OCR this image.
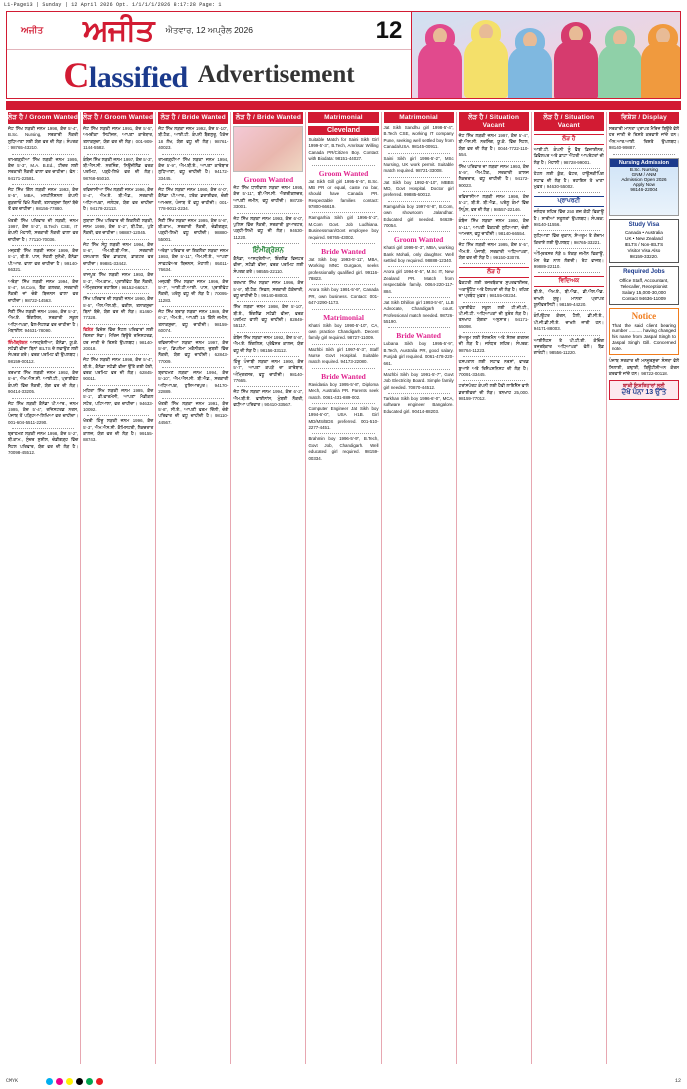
L1-Page13 | Sunday | 12 April 2026 Opt. 1/1/1/1/2026 8:17:28 Page: 1
ਅਜੀਤ	ਅਜੀਤ	ਐਤਵਾਰ, 12 ਅਪ੍ਰੈਲ 2026	12
Classified Advertisement
ਲੋੜ ਹੈ / Groom Wanted
ਜੱਟ ਸਿੱਖ ਲੜਕੀ ਜਨਮ 1998, ਕੱਦ 5'-4", B.Sc. Nursing, ਸਰਕਾਰੀ ਨੌਕਰੀ ਲੁਧਿਆਣਾ ਲਈ ਯੋਗ ਵਰ ਦੀ ਲੋੜ। ਸੰਪਰਕ : 98765-43210.
ਰਾਮਗੜ੍ਹੀਆ ਸਿੱਖ ਲੜਕੀ ਜਨਮ 1995, ਕੱਦ 5'-3", M.A. B.Ed., ਟੀਚਰ ਲਈ ਸਰਕਾਰੀ ਨੌਕਰੀ ਵਾਲਾ ਵਰ ਚਾਹੀਦਾ। ਫੋਨ : 94171-22581.
ਜੱਟ ਸਿੱਖ ਗਿੱਲ ਲੜਕੀ ਜਨਮ 1993, ਕੱਦ 5'-5", MBA, ਮਲਟੀਨੈਸ਼ਨਲ ਕੰਪਨੀ ਗੁੜਗਾਓਂ ਵਿਖੇ ਨੌਕਰੀ, ਤਲਾਕਸ਼ੁਦਾ ਬਿਨਾਂ ਬੱਚੇ ਤੋਂ ਵਰ ਚਾਹੀਦਾ। 98156-77880.
ਖੱਤਰੀ ਸਿੱਖ ਪਰਿਵਾਰ ਦੀ ਲੜਕੀ, ਜਨਮ 1997, ਕੱਦ 5'-2", B.Tech CSE, IT ਕੰਪਨੀ ਮੋਹਾਲੀ, ਸਰਕਾਰੀ ਨੌਕਰੀ ਵਾਲਾ ਵਰ ਚਾਹੀਦਾ ਹੈ। 77110-70036.
ਮਜ਼੍ਹਬੀ ਸਿੱਖ ਲੜਕੀ ਜਨਮ 1999, ਕੱਦ 5'-1", ਬੀ.ਏ. ਪਾਸ, ਸੋਹਣੀ ਸੁਨੱਖੀ, ਕੈਨੇਡਾ ਪੀ.ਆਰ. ਵਾਲਾ ਵਰ ਚਾਹੀਦਾ ਹੈ। 99140-66321.
ਅਰੋੜਾ ਸਿੱਖ ਲੜਕੀ ਜਨਮ 1994, ਕੱਦ 5'-4", M.Com, ਬੈਂਕ ਕਲਰਕ, ਸਰਕਾਰੀ ਨੌਕਰੀ ਜਾਂ ਚੰਗੇ ਬਿਜ਼ਨਸ ਵਾਲਾ ਵਰ ਚਾਹੀਦਾ। 98722-14563.
ਸੈਣੀ ਸਿੱਖ ਲੜਕੀ ਜਨਮ 1996, ਕੱਦ 5'-3", ਐਮ.ਏ. ਇੰਗਲਿਸ਼, ਸਰਕਾਰੀ ਸਕੂਲ ਅਧਿਆਪਕਾ, ਵੈਲ-ਸੈਟਲਡ ਵਰ ਚਾਹੀਦਾ ਹੈ। ਮੋਬਾਈਲ: 94631-78090.
ਇੰਮੀਗ੍ਰੇਸ਼ਨ ਆਸਟ੍ਰੇਲੀਆ, ਕੈਨੇਡਾ, ਯੂ.ਕੇ. ਸਟੱਡੀ ਵੀਜ਼ਾ ਬਿਨਾਂ IELTS ਦੇ ਲਵਾਉਣ ਲਈ ਸੰਪਰਕ ਕਰੋ। ਵਰਕ ਪਰਮਿਟ ਵੀ ਉਪਲਬਧ। 98159-00112.
ਤਰਖਾਣ ਸਿੱਖ ਲੜਕੀ ਜਨਮ 1992, ਕੱਦ 5'-6", ਐਮ.ਐਸ.ਸੀ. ਆਈ.ਟੀ., ਪ੍ਰਾਈਵੇਟ ਕੰਪਨੀ ਵਿੱਚ ਨੌਕਰੀ, ਯੋਗ ਵਰ ਦੀ ਲੋੜ। 90414-33205.
ਜੱਟ ਸਿੱਖ ਲੜਕੀ ਕੈਨੇਡਾ ਪੀ.ਆਰ., ਜਨਮ 1995, ਕੱਦ 5'-4", ਰਜਿਸਟਰਡ ਨਰਸ, ਪੰਜਾਬ ਤੋਂ ਪੜ੍ਹਿਆ-ਲਿਖਿਆ ਵਰ ਚਾਹੀਦਾ। 001-604-5511-2290.
ਬ੍ਰਾਹਮਣ ਲੜਕੀ ਜਨਮ 1998, ਕੱਦ 5'-2", ਬੀ.ਕਾਮ., ਸੁੰਦਰ ਸੁਸ਼ੀਲ, ਚੰਡੀਗੜ੍ਹ ਵਿੱਚ ਸੈਟਲ ਪਰਿਵਾਰ, ਯੋਗ ਵਰ ਦੀ ਲੋੜ ਹੈ। 70098-45512.
ਲੋੜ ਹੈ / Groom Wanted
ਜੱਟ ਸਿੱਖ ਲੜਕੀ ਜਨਮ 1991, ਕੱਦ 5'-5", ਅਮਰੀਕਾ ਸਿਟੀਜ਼ਨ, ਆਪਣਾ ਕਾਰੋਬਾਰ, ਤਲਾਕਸ਼ੁਦਾ, ਯੋਗ ਵਰ ਦੀ ਲੋੜ। 001-909-1144-5582.
ਕੰਬੋਜ ਸਿੱਖ ਲੜਕੀ ਜਨਮ 1997, ਕੱਦ 5'-3", ਬੀ.ਐਸ.ਸੀ. ਨਰਸਿੰਗ, ਨਿਊਜ਼ੀਲੈਂਡ ਵਰਕ ਪਰਮਿਟ, ਪੜ੍ਹੇ-ਲਿਖੇ ਵਰ ਦੀ ਲੋੜ। 98768-55010.
ਰਵਿਦਾਸੀਆ ਸਿੱਖ ਲੜਕੀ ਜਨਮ 1996, ਕੱਦ 5'-4", ਐਮ.ਏ. ਬੀ.ਐਡ., ਸਰਕਾਰੀ ਅਧਿਆਪਕਾ, ਜਲੰਧਰ, ਯੋਗ ਵਰ ਚਾਹੀਦਾ ਹੈ। 94178-22113.
ਲੁਬਾਣਾ ਸਿੱਖ ਪਰਿਵਾਰ ਦੀ ਇਕਲੌਤੀ ਲੜਕੀ, ਜਨਮ 1999, ਕੱਦ 5'-2", ਬੀ.ਟੈਕ., ਪੁਣੇ ਨੌਕਰੀ, ਵਰ ਚਾਹੀਦਾ। 98887-12045.
ਜੱਟ ਸਿੱਖ ਸੰਧੂ ਲੜਕੀ ਜਨਮ 1994, ਕੱਦ 5'-6", ਐਮ.ਬੀ.ਬੀ.ਐਸ., ਸਰਕਾਰੀ ਹਸਪਤਾਲ ਵਿੱਚ ਡਾਕਟਰ, ਡਾਕਟਰ ਵਰ ਚਾਹੀਦਾ। 99881-33442.
ਰਾਜਪੂਤ ਸਿੱਖ ਲੜਕੀ ਜਨਮ 1993, ਕੱਦ 5'-3", ਐਮ.ਕਾਮ., ਪ੍ਰਾਈਵੇਟ ਬੈਂਕ ਨੌਕਰੀ, ਅੰਮ੍ਰਿਤਸਰ ਰਹਾਇਸ਼। 98152-66017.
ਸਿੱਖ ਪਰਿਵਾਰ ਦੀ ਲੜਕੀ ਜਨਮ 1990, ਕੱਦ 5'-5", ਐਲ.ਐਲ.ਬੀ., ਵਕੀਲ, ਤਲਾਕਸ਼ੁਦਾ ਬਿਨਾਂ ਬੱਚੇ, ਯੋਗ ਵਰ ਦੀ ਲੋੜ। 81460-77328.
ਵਿਸ਼ੇਸ਼ ਵਿਦੇਸ਼ ਵਿੱਚ ਸੈਟਲ ਪਰਿਵਾਰਾਂ ਲਈ ਰਿਸ਼ਤਾ ਸੇਵਾ। ਮੈਰਿਜ ਬਿਊਰੋ ਰਜਿਸਟਰਡ, ਹਰ ਜਾਤੀ ਦੇ ਰਿਸ਼ਤੇ ਉਪਲਬਧ। 98140-20018.
ਜੱਟ ਸਿੱਖ ਲੜਕੀ ਜਨਮ 1998, ਕੱਦ 5'-4", ਬੀ.ਏ., ਕੈਨੇਡਾ ਸਟੱਡੀ ਵੀਜ਼ਾ ਉੱਤੇ ਗਈ ਹੋਈ, ਵਰਕ ਪਰਮਿਟ ਵਰ ਦੀ ਲੋੜ। 62845-90011.
ਮਹਿਰਾ ਸਿੱਖ ਲੜਕੀ ਜਨਮ 1995, ਕੱਦ 5'-1", ਡੀ.ਫਾਰਮੇਸੀ, ਆਪਣਾ ਮੈਡੀਕਲ ਸਟੋਰ, ਪਟਿਆਲਾ, ਵਰ ਚਾਹੀਦਾ। 94633-10092.
ਖੱਤਰੀ ਹਿੰਦੂ ਲੜਕੀ ਜਨਮ 1996, ਕੱਦ 5'-3", ਐਮ.ਐਸ.ਸੀ. ਕੈਮਿਸਟਰੀ, ਲੈਕਚਰਾਰ ਕਾਲਜ, ਯੋਗ ਵਰ ਦੀ ਲੋੜ ਹੈ। 99155-88743.
ਲੋੜ ਹੈ / Bride Wanted
ਜੱਟ ਸਿੱਖ ਲੜਕਾ ਜਨਮ 1992, ਕੱਦ 5'-10", ਬੀ.ਟੈਕ., ਆਈ.ਟੀ. ਕੰਪਨੀ ਬੈਂਗਲੁਰੂ, ਪੈਕੇਜ 18 ਲੱਖ, ਯੋਗ ਵਧੂ ਦੀ ਲੋੜ। 98761-40023.
ਰਾਮਗੜ੍ਹੀਆ ਸਿੱਖ ਲੜਕਾ ਜਨਮ 1994, ਕੱਦ 5'-9", ਐਮ.ਬੀ.ਏ., ਆਪਣਾ ਕਾਰੋਬਾਰ ਲੁਧਿਆਣਾ, ਵਧੂ ਚਾਹੀਦੀ ਹੈ। 94172-33445.
ਜੱਟ ਸਿੱਖ ਲੜਕਾ ਜਨਮ 1990, ਕੱਦ 6'-0", ਕੈਨੇਡਾ ਪੀ.ਆਰ., ਟਰੱਕ ਡਰਾਈਵਰ, ਚੰਗੀ ਆਮਦਨ, ਪੰਜਾਬ ਤੋਂ ਵਧੂ ਚਾਹੀਦੀ। 001-778-9011-2234.
ਸੈਣੀ ਸਿੱਖ ਲੜਕਾ ਜਨਮ 1995, ਕੱਦ 5'-8", ਬੀ.ਕਾਮ., ਸਰਕਾਰੀ ਨੌਕਰੀ, ਚੰਡੀਗੜ੍ਹ, ਪੜ੍ਹੀ-ਲਿਖੀ ਵਧੂ ਚਾਹੀਦੀ। 98880-55001.
ਅਰੋੜਾ ਪਰਿਵਾਰ ਦਾ ਇਕਲੌਤਾ ਲੜਕਾ ਜਨਮ 1993, ਕੱਦ 5'-11", ਐਮ.ਸੀ.ਏ., ਆਪਣਾ ਸਾਫਟਵੇਅਰ ਬਿਜ਼ਨਸ, ਮੋਹਾਲੀ। 95011-76634.
ਮਜ਼੍ਹਬੀ ਸਿੱਖ ਲੜਕਾ ਜਨਮ 1996, ਕੱਦ 5'-7", ਆਈ.ਟੀ.ਆਈ. ਪਾਸ, ਪ੍ਰਾਈਵੇਟ ਨੌਕਰੀ, ਘਰੇਲੂ ਵਧੂ ਦੀ ਲੋੜ ਹੈ। 70095-11283.
ਜੱਟ ਸਿੱਖ ਬਰਾੜ ਲੜਕਾ ਜਨਮ 1989, ਕੱਦ 6'-1", ਐਮ.ਏ., ਆਪਣੀ 15 ਕਿੱਲੇ ਜ਼ਮੀਨ, ਤਲਾਕਸ਼ੁਦਾ, ਵਧੂ ਚਾਹੀਦੀ। 98159-60074.
ਰਵਿਦਾਸੀਆ ਲੜਕਾ ਜਨਮ 1997, ਕੱਦ 5'-9", ਡਿਪਲੋਮਾ ਮਕੈਨੀਕਲ, ਦੁਬਈ ਵਿੱਚ ਨੌਕਰੀ, ਯੋਗ ਵਧੂ ਚਾਹੀਦੀ। 62843-77009.
ਬ੍ਰਾਹਮਣ ਲੜਕਾ ਜਨਮ 1994, ਕੱਦ 5'-10", ਐਮ.ਐਸ.ਸੀ. ਬੀ.ਐਡ., ਸਰਕਾਰੀ ਅਧਿਆਪਕ, ਹੁਸ਼ਿਆਰਪੁਰ। 94170-22889.
ਖੱਤਰੀ ਸਿੱਖ ਲੜਕਾ ਜਨਮ 1991, ਕੱਦ 5'-8", ਸੀ.ਏ., ਆਪਣੀ ਫਰਮ ਦਿੱਲੀ, ਚੰਗੇ ਪਰਿਵਾਰ ਦੀ ਵਧੂ ਚਾਹੀਦੀ ਹੈ। 98110-44567.
ਲੋੜ ਹੈ / Bride Wanted
Groom Wanted
ਜੱਟ ਸਿੱਖ ਧਾਲੀਵਾਲ ਲੜਕਾ ਜਨਮ 1995, ਕੱਦ 5'-11", ਬੀ.ਐਸ.ਸੀ. ਐਗਰੀਕਲਚਰ, ਆਪਣੀ ਜ਼ਮੀਨ, ਵਧੂ ਚਾਹੀਦੀ। 98728-33001.
ਜੱਟ ਸਿੱਖ ਲੜਕਾ ਜਨਮ 1993, ਕੱਦ 6'-0", ਪੁਲਿਸ ਵਿੱਚ ਨੌਕਰੀ, ਸਰਕਾਰੀ ਕੁਆਰਟਰ, ਪੜ੍ਹੀ-ਲਿਖੀ ਵਧੂ ਦੀ ਲੋੜ। 94630-11220.
ਇੰਮੀਗ੍ਰੇਸ਼ਨ
ਕੈਨੇਡਾ, ਆਸਟ੍ਰੇਲੀਆ, ਇੰਗਲੈਂਡ ਵਿਜ਼ਟਰ ਵੀਜ਼ਾ, ਸਟੱਡੀ ਵੀਜ਼ਾ, ਵਰਕ ਪਰਮਿਟ ਲਈ ਸੰਪਰਕ ਕਰੋ। 98555-22110.
ਤਰਖਾਣ ਸਿੱਖ ਲੜਕਾ ਜਨਮ 1996, ਕੱਦ 5'-9", ਬੀ.ਟੈਕ. ਸਿਵਲ, ਸਰਕਾਰੀ ਠੇਕੇਦਾਰੀ, ਵਧੂ ਚਾਹੀਦੀ ਹੈ। 99140-88003.
ਸਿੱਖ ਲੜਕਾ ਜਨਮ 1998, ਕੱਦ 5'-10", ਬੀ.ਏ., ਇੰਗਲੈਂਡ ਸਟੱਡੀ ਵੀਜ਼ਾ, ਵਰਕ ਪਰਮਿਟ ਵਾਲੀ ਵਧੂ ਚਾਹੀਦੀ। 82849-55117.
ਕੰਬੋਜ ਸਿੱਖ ਲੜਕਾ ਜਨਮ 1992, ਕੱਦ 5'-8", ਐਮ.ਏ. ਇੰਗਲਿਸ਼, ਪ੍ਰੋਫੈਸਰ ਕਾਲਜ, ਯੋਗ ਵਧੂ ਦੀ ਲੋੜ ਹੈ। 98156-33112.
ਹਿੰਦੂ ਪੰਜਾਬੀ ਲੜਕਾ ਜਨਮ 1990, ਕੱਦ 5'-7", ਆਪਣਾ ਕਪੜੇ ਦਾ ਕਾਰੋਬਾਰ, ਅੰਮ੍ਰਿਤਸਰ, ਵਧੂ ਚਾਹੀਦੀ। 98140-77665.
ਜੱਟ ਸਿੱਖ ਲੜਕਾ ਜਨਮ 1994, ਕੱਦ 6'-2", ਐਮ.ਬੀ.ਏ. ਫਾਈਨਾਂਸ, ਮੁੰਬਈ ਨੌਕਰੀ, ਵਧੀਆ ਪਰਿਵਾਰ। 90410-33567.
Matrimonial
Cleveland
Suitable Match for Saini Sikh Girl 1999-5'-3", B.Tech, Amritsar Willing Canada PR/Citizen Boy. Contact with Biodata: 98151-44027.
Groom Wanted
Jat Sikh Gill girl 1995-5'-5", B.Sc. MB PR or equal, caste no bar, should have Canada PR. Respectable families contact: 97800-66619.
Ramgarhia Sikh girl 1996-5'-2", M.Com Govt. Job Ludhiana. Businessman/Govt employee boy required. 98765-43002.
Bride Wanted
Jat Sikh boy 1993-5'-11", MBA, Working MNC Gurgaon, seeks professionally qualified girl. 99116-78823.
Arora Sikh boy 1991-5'-9", Canada PR, own business. Contact: 001-647-2290-1173.
Matrimonial
Khatri Sikh boy 1990-5'-10", CA, own practice Chandigarh. Decent family girl required. 98727-11009.
Mazhbi Sikh girl 1997-5'-3", Staff Nurse Govt Hospital. Suitable match required. 94173-22080.
Bride Wanted
Ravidasia boy 1995-5'-8", Diploma Mech, Australia PR. Parents seek match. 0061-431-889-002.
Computer Engineer Jat Sikh boy 1994-6'-0", USA H1B. Girl MD/MS/BDS preferred. 001-510-2277-4451.
Brahmin boy 1996-5'-9", B.Tech, Govt Job, Chandigarh. Well educated girl required. 98159-00334.
Matrimonial
Jat Sikh Sandhu girl 1998-5'-4", B.Tech CSE, working IT company Pune, seeking well settled boy from Canada/USA. 98145-00911.
Saini Sikh girl 1996-5'-2", MSc Nursing, UK work permit. Suitable match required. 98721-33008.
Jat Sikh boy 1992-5'-10", MBBS MD, Govt Hospital. Doctor girl preferred. 99885-60012.
Ramgarhia boy 1997-5'-8", B.Com, own showroom Jalandhar. Educated girl needed. 94639-70054.
Groom Wanted
Khatri girl 1999-5'-3", MBA, working Bank Mohali, only daughter. Well settled boy required. 98888-12340.
Arora girl 1994-5'-5", M.Sc IT, New Zealand PR. Match from respectable family. 0064-220-117-884.
Jat Sikh Dhillon girl 1993-5'-6", LLB Advocate, Chandigarh court. Professional match needed. 98726-55190.
Bride Wanted
Lubana Sikh boy 1995-5'-9", B.Tech, Australia PR, good salary. Punjab girl required. 0061-478-220-661.
Mazhbi Sikh boy 1991-5'-7", Govt Job Electricity Board. Simple family girl needed. 70870-44512.
Tarkhan Sikh boy 1996-6'-0", MCA, software engineer Bangalore. Educated girl. 90414-88203.
ਲੋੜ ਹੈ / Situation Vacant
ਜੱਟ ਸਿੱਖ ਲੜਕੀ ਜਨਮ 1997, ਕੱਦ 5'-4", ਬੀ.ਐਸ.ਸੀ. ਨਰਸਿੰਗ, ਯੂ.ਕੇ. ਵਿੱਚ ਸੈਟਲ, ਯੋਗ ਵਰ ਦੀ ਲੋੜ ਹੈ। 0044-7722-110-554.
ਸਿੱਖ ਪਰਿਵਾਰ ਦਾ ਲੜਕਾ ਜਨਮ 1993, ਕੱਦ 5'-9", ਐਮ.ਟੈਕ., ਸਰਕਾਰੀ ਕਾਲਜ ਲੈਕਚਰਾਰ, ਵਧੂ ਚਾਹੀਦੀ ਹੈ। 94172-90023.
ਰਵਿਦਾਸੀਆ ਲੜਕੀ ਜਨਮ 1998, ਕੱਦ 5'-2", ਬੀ.ਏ. ਬੀ.ਐਡ., ਘਰੇਲੂ ਕੰਮਾਂ ਵਿੱਚ ਨਿਪੁੰਨ, ਵਰ ਦੀ ਲੋੜ। 98557-22146.
ਕੰਬੋਜ ਸਿੱਖ ਲੜਕਾ ਜਨਮ 1990, ਕੱਦ 5'-11", ਆਪਣੀ ਫੈਕਟਰੀ ਲੁਧਿਆਣਾ, ਚੰਗੀ ਆਮਦਨ, ਵਧੂ ਚਾਹੀਦੀ। 98140-66554.
ਜੱਟ ਸਿੱਖ ਲੜਕੀ ਜਨਮ 1995, ਕੱਦ 5'-5", ਐਮ.ਏ. ਪੰਜਾਬੀ, ਸਰਕਾਰੀ ਅਧਿਆਪਕਾ, ਯੋਗ ਵਰ ਦੀ ਲੋੜ ਹੈ। 99150-33078.
ਲੋੜ ਹੈ
ਫੈਕਟਰੀ ਲਈ ਤਜਰਬੇਕਾਰ ਸੁਪਰਵਾਈਜ਼ਰ, ਅਕਾਊਂਟੈਂਟ ਅਤੇ ਹੈਲਪਰਾਂ ਦੀ ਲੋੜ ਹੈ। ਰਹਿਣ ਦਾ ਪ੍ਰਬੰਧ ਮੁਫ਼ਤ। 98155-00234.
ਪ੍ਰਾਈਵੇਟ ਸਕੂਲ ਲਈ ਟੀ.ਜੀ.ਟੀ., ਪੀ.ਜੀ.ਟੀ. ਅਧਿਆਪਕਾਂ ਦੀ ਤੁਰੰਤ ਲੋੜ ਹੈ। ਤਨਖਾਹ ਯੋਗਤਾ ਅਨੁਸਾਰ। 94171-55098.
ਸ਼ੋਅਰੂਮ ਲਈ ਸੇਲਜ਼ਮੈਨ ਅਤੇ ਸੇਲਜ਼ ਗਰਲਜ਼ ਦੀ ਲੋੜ ਹੈ। ਜਲੰਧਰ ਸ਼ਹਿਰ। ਸੰਪਰਕ: 98764-11223.
ਹਸਪਤਾਲ ਲਈ ਸਟਾਫ ਨਰਸਾਂ, ਵਾਰਡ ਬੁਆਏ ਅਤੇ ਰਿਸੈਪਸ਼ਨਿਸਟ ਦੀ ਲੋੜ ਹੈ। 70091-33445.
ਟਰਾਂਸਪੋਰਟ ਕੰਪਨੀ ਲਈ ਹੈਵੀ ਲਾਇਸੈਂਸ ਵਾਲੇ ਡਰਾਈਵਰਾਂ ਦੀ ਲੋੜ। ਤਨਖਾਹ 25,000. 98159-77012.
ਲੋੜ ਹੈ / Situation Vacant
ਲੋੜ ਹੈ
ਆਈ.ਟੀ. ਕੰਪਨੀ ਨੂੰ ਵੈੱਬ ਡਿਜ਼ਾਈਨਰ, ਡਿਵੈਲਪਰ ਅਤੇ ਡਾਟਾ ਐਂਟਰੀ ਆਪਰੇਟਰਾਂ ਦੀ ਲੋੜ ਹੈ। ਮੋਹਾਲੀ। 98728-99001.
ਹੋਟਲ ਲਈ ਕੁੱਕ, ਵੇਟਰ, ਹਾਊਸਕੀਪਿੰਗ ਸਟਾਫ ਦੀ ਲੋੜ ਹੈ। ਰਹਾਇਸ਼ ਤੇ ਖਾਣਾ ਮੁਫ਼ਤ। 94630-55002.
ਪ੍ਰਾਪਰਟੀ
ਜਲੰਧਰ ਸ਼ਹਿਰ ਵਿੱਚ 250 ਗਜ਼ ਕੋਠੀ ਵਿਕਾਊ ਹੈ। ਸਾਰੀਆਂ ਸਹੂਲਤਾਂ ਉਪਲਬਧ। ਸੰਪਰਕ: 98140-11556.
ਲੁਧਿਆਣਾ ਵਿੱਚ ਦੁਕਾਨ, ਸ਼ੋਅਰੂਮ ਤੇ ਗੋਦਾਮ ਕਿਰਾਏ ਲਈ ਉਪਲਬਧ। 98765-33221.
ਅੰਮ੍ਰਿਤਸਰ ਨੇੜੇ 5 ਏਕੜ ਜ਼ਮੀਨ ਵਿਕਾਊ, ਮੇਨ ਰੋਡ ਨਾਲ ਲੱਗਦੀ। ਰੇਟ ਵਾਜਬ। 99889-22110.
ਵਿਦਿਅਕ
ਬੀ.ਏ., ਐਮ.ਏ., ਬੀ.ਐਡ., ਡੀ.ਐਲ.ਐਡ. ਦਾਖਲੇ ਸ਼ੁਰੂ। ਮਾਨਤਾ ਪ੍ਰਾਪਤ ਯੂਨੀਵਰਸਿਟੀ। 98159-44220.
ਕੰਪਿਊਟਰ ਕੋਰਸ, ਟੈਲੀ, ਡੀ.ਸੀ.ਏ., ਪੀ.ਜੀ.ਡੀ.ਸੀ.ਏ. ਦਾਖਲੇ ਜਾਰੀ ਹਨ। 94171-88003.
ਆਈਲੈਟਸ ਤੇ ਪੀ.ਟੀ.ਈ. ਕੋਚਿੰਗ ਤਜਰਬੇਕਾਰ ਅਧਿਆਪਕਾਂ ਵੱਲੋਂ। ਬੈਂਡ ਗਾਰੰਟੀ। 98556-11220.
ਵਿਸ਼ੇਸ਼ / Display
ਸਰਕਾਰੀ ਮਾਨਤਾ ਪ੍ਰਾਪਤ ਮੈਰਿਜ ਬਿਊਰੋ ਵੱਲੋਂ ਹਰ ਜਾਤੀ ਦੇ ਰਿਸ਼ਤੇ ਕਰਵਾਏ ਜਾਂਦੇ ਹਨ। ਐਨ.ਆਰ.ਆਈ. ਰਿਸ਼ਤੇ ਉਪਲਬਧ। 98140-99887.
Nursing Admission
B.Sc. Nursing
GNM / ANM
Admission Open 2026
Apply Now
98146-22004
Study Visa
Canada • Australia
UK • New Zealand
IELTS / Non-IELTS
Visitor Visa Also
98159-33220.
Required Jobs
Office Staff, Accountant,
Telecaller, Receptionist
Salary 15,000-30,000
Contact 94636-11009
Notice
That the said client bearing number .......... having changed his name from Jaspal Singh to Jaspal Singh Gill. Concerned note.
ਪੰਜਾਬ ਸਰਕਾਰ ਦੀ ਮਨਜ਼ੂਰਸ਼ੁਦਾ ਸੰਸਥਾ ਵੱਲੋਂ ਸਿਲਾਈ, ਕਢਾਈ, ਬਿਊਟੀਸ਼ੀਅਨ ਕੋਰਸ ਕਰਵਾਏ ਜਾਂਦੇ ਹਨ। 98722-00118.
ਬਾਕੀ ਇਸ਼ਤਿਹਾਰਾਂ ਲਈ
ਦੇਖੋ ਪੰਨਾ 13 ਉੱਤੇ
CMYK	12
